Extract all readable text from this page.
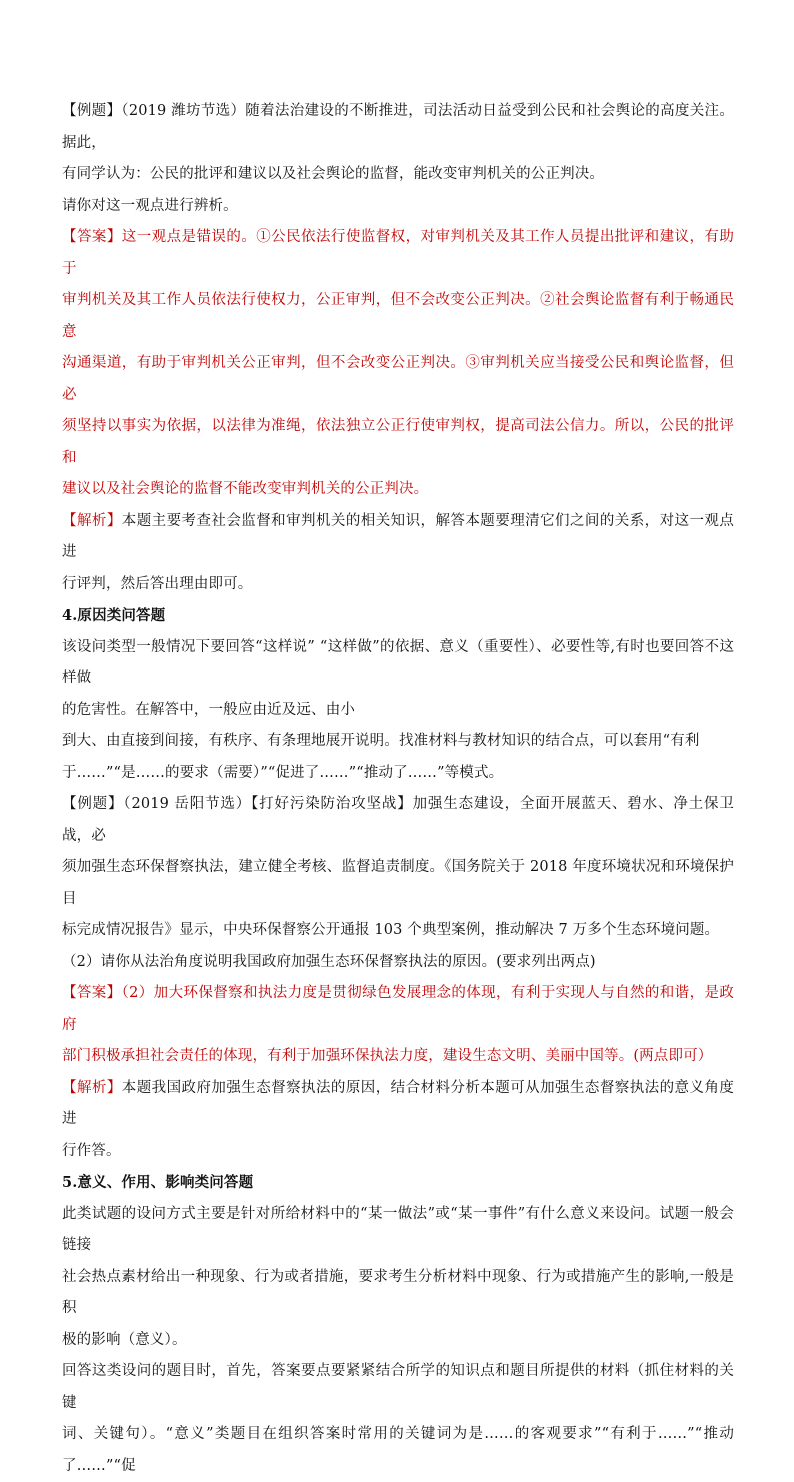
【例题】（2019 潍坊节选）随着法治建设的不断推进，司法活动日益受到公民和社会舆论的高度关注。据此，
有同学认为：公民的批评和建议以及社会舆论的监督，能改变审判机关的公正判决。
请你对这一观点进行辨析。
【答案】这一观点是错误的。①公民依法行使监督权，对审判机关及其工作人员提出批评和建议，有助于
审判机关及其工作人员依法行使权力，公正审判，但不会改变公正判决。②社会舆论监督有利于畅通民意
沟通渠道，有助于审判机关公正审判，但不会改变公正判决。③审判机关应当接受公民和舆论监督，但必
须坚持以事实为依据，以法律为准绳，依法独立公正行使审判权，提高司法公信力。所以，公民的批评和
建议以及社会舆论的监督不能改变审判机关的公正判决。
【解析】本题主要考查社会监督和审判机关的相关知识，解答本题要理清它们之间的关系，对这一观点进
行评判，然后答出理由即可。
4.原因类问答题
该设问类型一般情况下要回答“这样说” “这样做”的依据、意义（重要性）、必要性等,有时也要回答不这样做
的危害性。在解答中，一般应由近及远、由小
到大、由直接到间接，有秩序、有条理地展开说明。找准材料与教材知识的结合点，可以套用“有利
于……”“是……的要求（需要）”“促进了……”“推动了……”等模式。
【例题】（2019 岳阳节选）【打好污染防治攻坚战】加强生态建设，全面开展蓝天、碧水、净土保卫战，必
须加强生态环保督察执法，建立健全考核、监督追责制度。《国务院关于 2018 年度环境状况和环境保护目
标完成情况报告》显示，中央环保督察公开通报 103 个典型案例，推动解决 7 万多个生态环境问题。
（2）请你从法治角度说明我国政府加强生态环保督察执法的原因。(要求列出两点)
【答案】（2）加大环保督察和执法力度是贯彻绿色发展理念的体现，有利于实现人与自然的和谐，是政府
部门积极承担社会责任的体现，有利于加强环保执法力度，建设生态文明、美丽中国等。(两点即可）
【解析】本题我国政府加强生态督察执法的原因，结合材料分析本题可从加强生态督察执法的意义角度进
行作答。
5.意义、作用、影响类问答题
此类试题的设问方式主要是针对所给材料中的“某一做法”或“某一事件”有什么意义来设问。试题一般会链接
社会热点素材给出一种现象、行为或者措施，要求考生分析材料中现象、行为或措施产生的影响,一般是积
极的影响（意义）。
回答这类设问的题目时，首先，答案要点要紧紧结合所学的知识点和题目所提供的材料（抓住材料的关键
词、关键句）。“意义”类题目在组织答案时常用的关键词为是……的客观要求”“有利于……”“推动了……”“促
